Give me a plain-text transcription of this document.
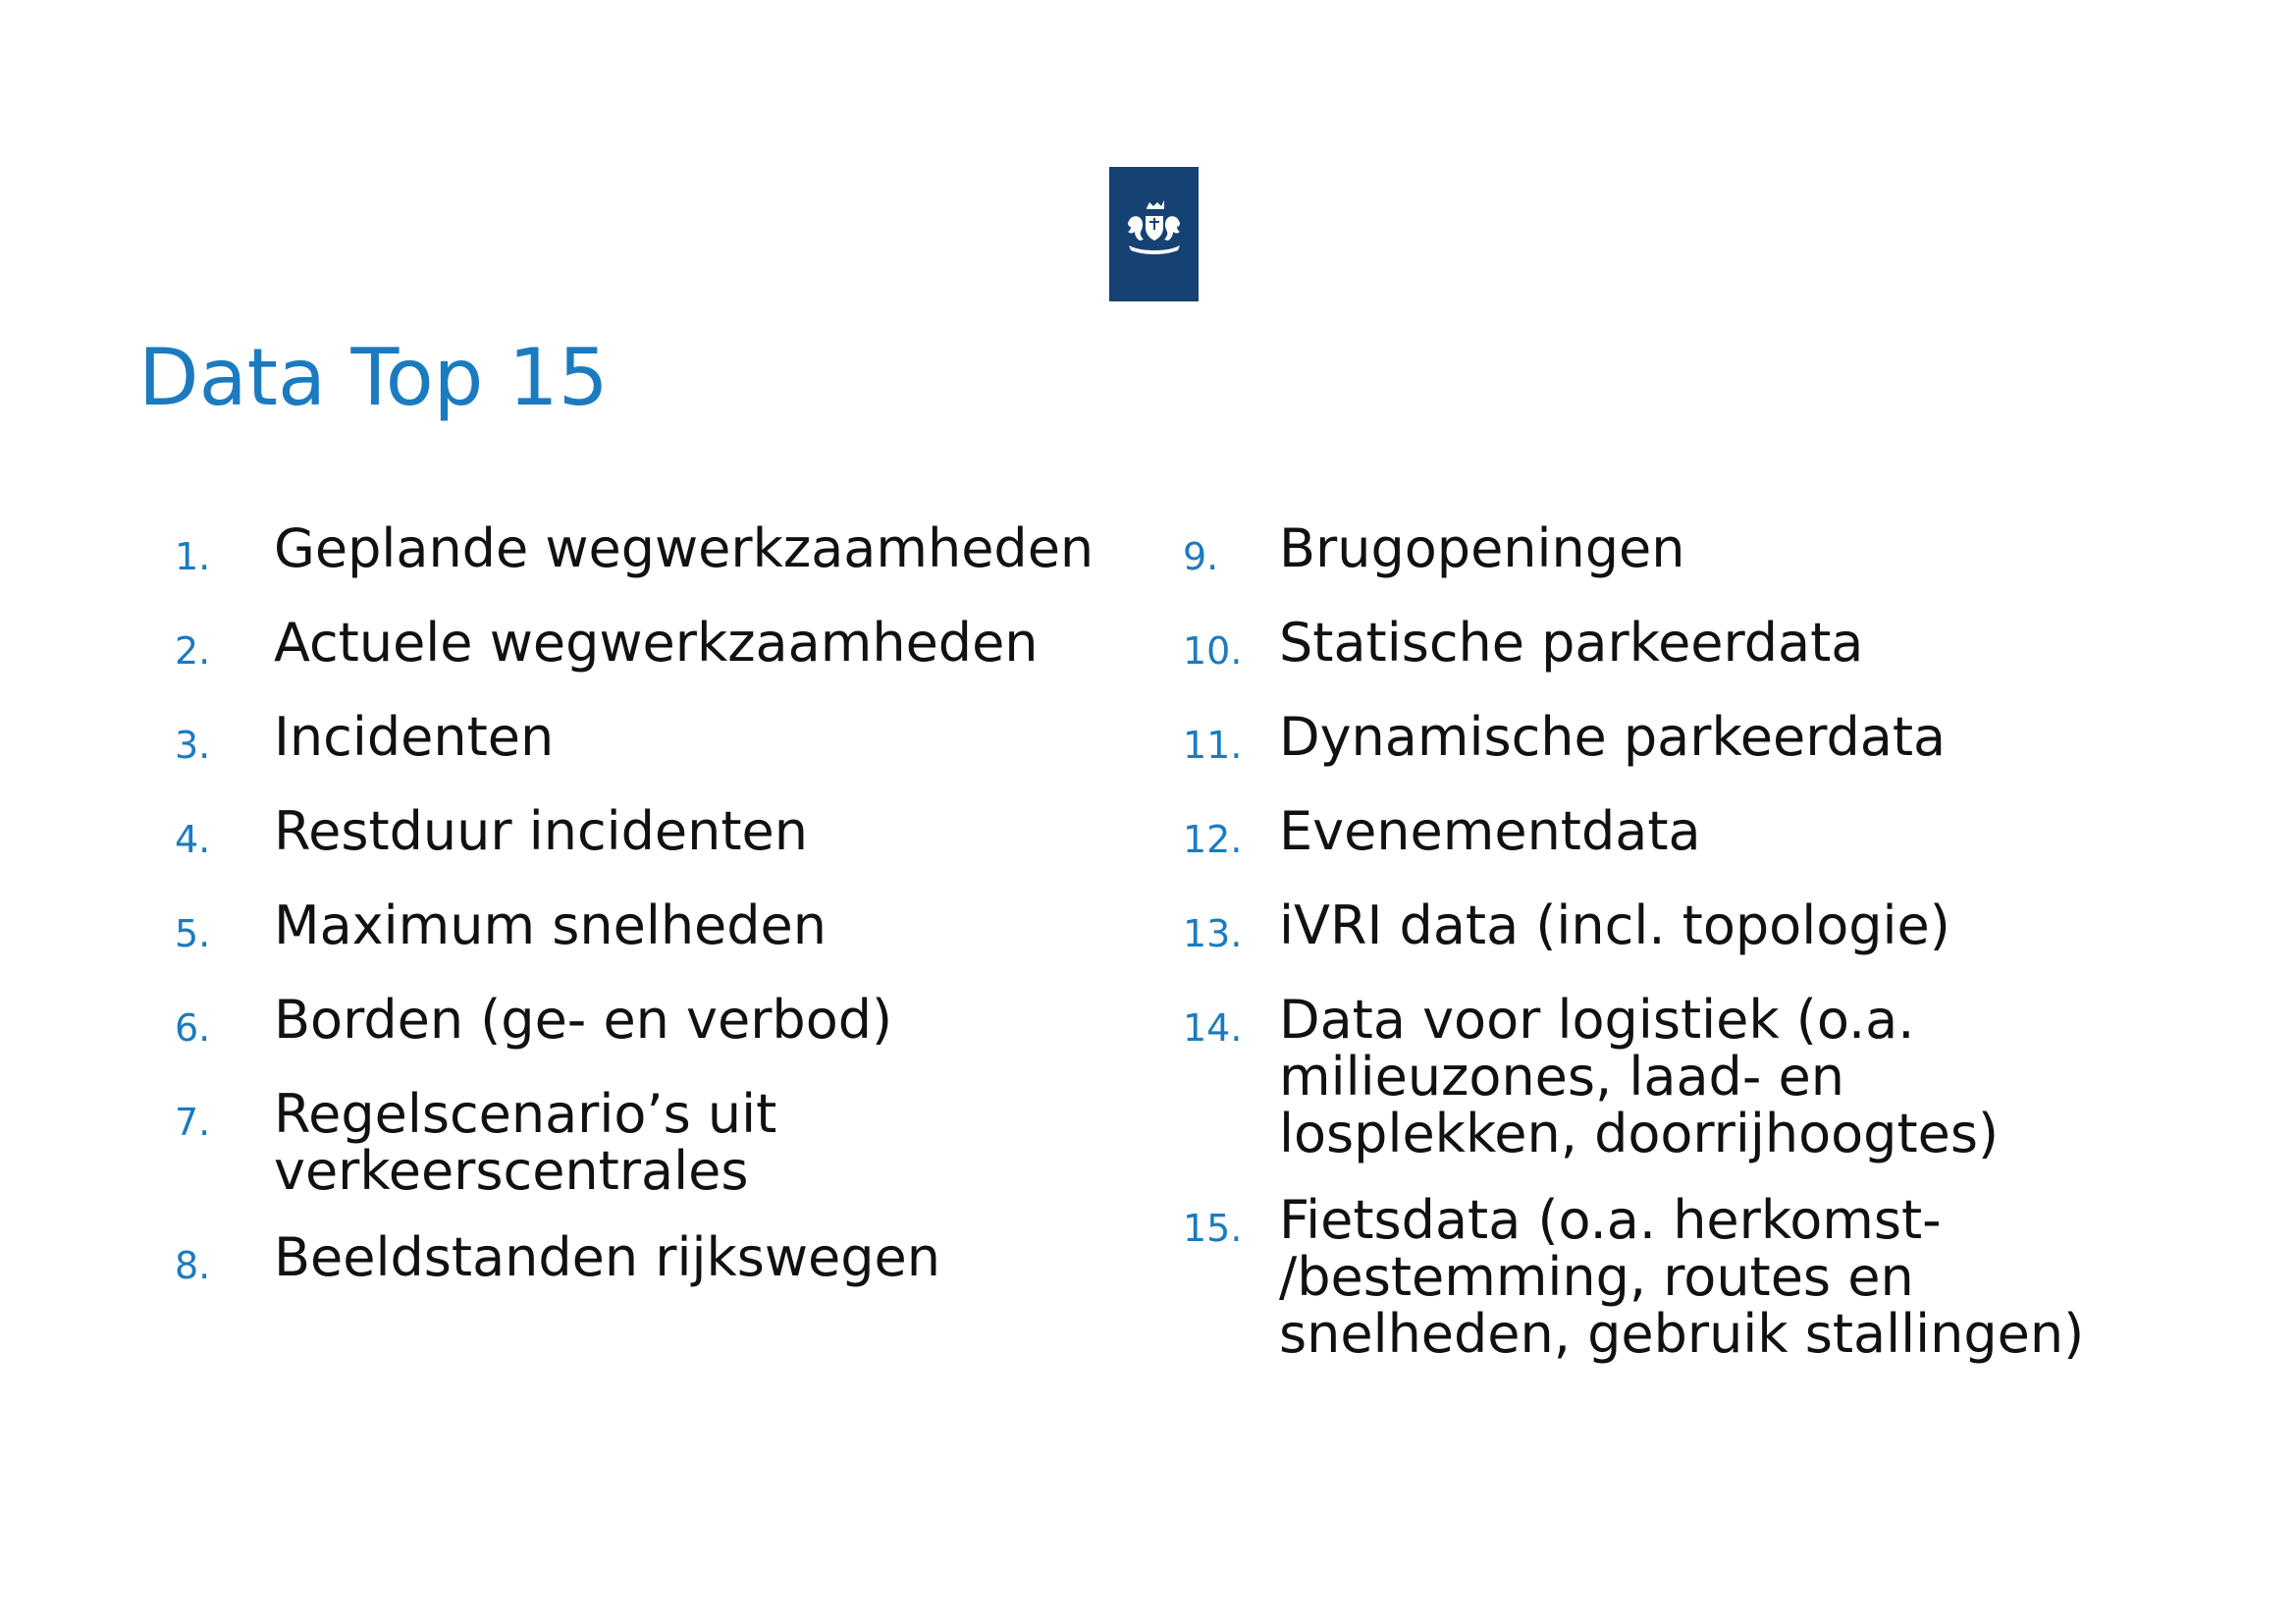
Data Top 15
1.	Geplande wegwerkzaamheden
2.	Actuele wegwerkzaamheden
3.	Incidenten
4.	Restduur incidenten
5.	Maximum snelheden
6.	Borden (ge- en verbod)
7.	Regelscenario’s uit
verkeerscentrales
8.	Beeldstanden rijkswegen
9.	Brugopeningen
10. Statische parkeerdata
11. Dynamische parkeerdata
12. Evenementdata
13. iVRI data (incl. topologie)
14. Data voor logistiek (o.a.
milieuzones, laad- en
losplekken, doorrijhoogtes)
15. Fietsdata (o.a. herkomst-
/bestemming, routes en
snelheden, gebruik stallingen)
